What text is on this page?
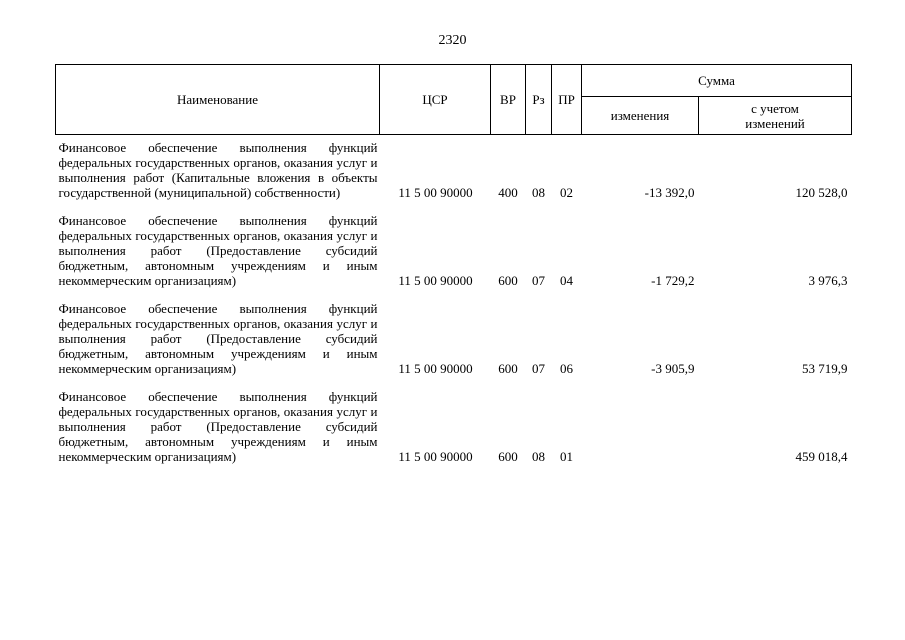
2320
Наименование	ЦСР	ВР	Рз	ПР	Сумма	
					изменения	с учетом изменений
Финансовое обеспечение выполнения функций федеральных государственных органов, оказания услуг и выполнения работ (Капитальные вложения в объекты государственной (муниципальной) собственности)	11 5 00 90000	400	08	02	-13 392,0	120 528,0
Финансовое обеспечение выполнения функций федеральных государственных органов, оказания услуг и выполнения работ (Предоставление субсидий бюджетным, автономным учреждениям и иным некоммерческим организациям)	11 5 00 90000	600	07	04	-1 729,2	3 976,3
Финансовое обеспечение выполнения функций федеральных государственных органов, оказания услуг и выполнения работ (Предоставление субсидий бюджетным, автономным учреждениям и иным некоммерческим организациям)	11 5 00 90000	600	07	06	-3 905,9	53 719,9
Финансовое обеспечение выполнения функций федеральных государственных органов, оказания услуг и выполнения работ (Предоставление субсидий бюджетным, автономным учреждениям и иным некоммерческим организациям)	11 5 00 90000	600	08	01		459 018,4
